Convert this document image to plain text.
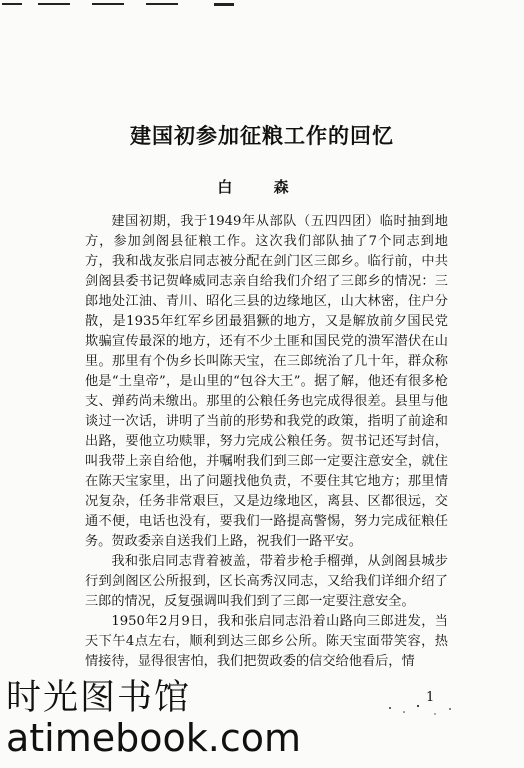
建国初参加征粮工作的回忆
白 森

建国初期，我于1949年从部队（五四四团）临时抽到地方，参加剑阁县征粮工作。这次我们部队抽了7个同志到地方，我和战友张启同志被分配在剑门区三郎乡。临行前，中共剑阁县委书记贺峰威同志亲自给我们介绍了三郎乡的情况：三郎地处江油、青川、昭化三县的边缘地区，山大林密，住户分散，是1935年红军乡团最猖獗的地方，又是解放前夕国民党欺骗宣传最深的地方，还有不少土匪和国民党的溃军潜伏在山里。那里有个伪乡长叫陈天宝，在三郎统治了几十年，群众称他是“土皇帝”，是山里的“包谷大王”。据了解，他还有很多枪支、弹药尚未缴出。那里的公粮任务也完成得很差。县里与他谈过一次话，讲明了当前的形势和我党的政策，指明了前途和出路，要他立功赎罪，努力完成公粮任务。贺书记还写封信，叫我带上亲自给他，并嘱咐我们到三郎一定要注意安全，就住在陈天宝家里，出了问题找他负责，不要住其它地方；那里情况复杂，任务非常艰巨，又是边缘地区，离县、区都很远，交通不便，电话也没有，要我们一路提高警惕，努力完成征粮任务。贺政委亲自送我们上路，祝我们一路平安。

我和张启同志背着被盖，带着步枪手榴弹，从剑阁县城步行到剑阁区公所报到，区长高秀汉同志，又给我们详细介绍了三郎的情况，反复强调叫我们到了三郎一定要注意安全。

1950年2月9日，我和张启同志沿着山路向三郎进发，当天下午4点左右，顺利到达三郎乡公所。陈天宝面带笑容，热情接待，显得很害怕，我们把贺政委的信交给他看后，情

1
时光图书馆
atimebook.com
